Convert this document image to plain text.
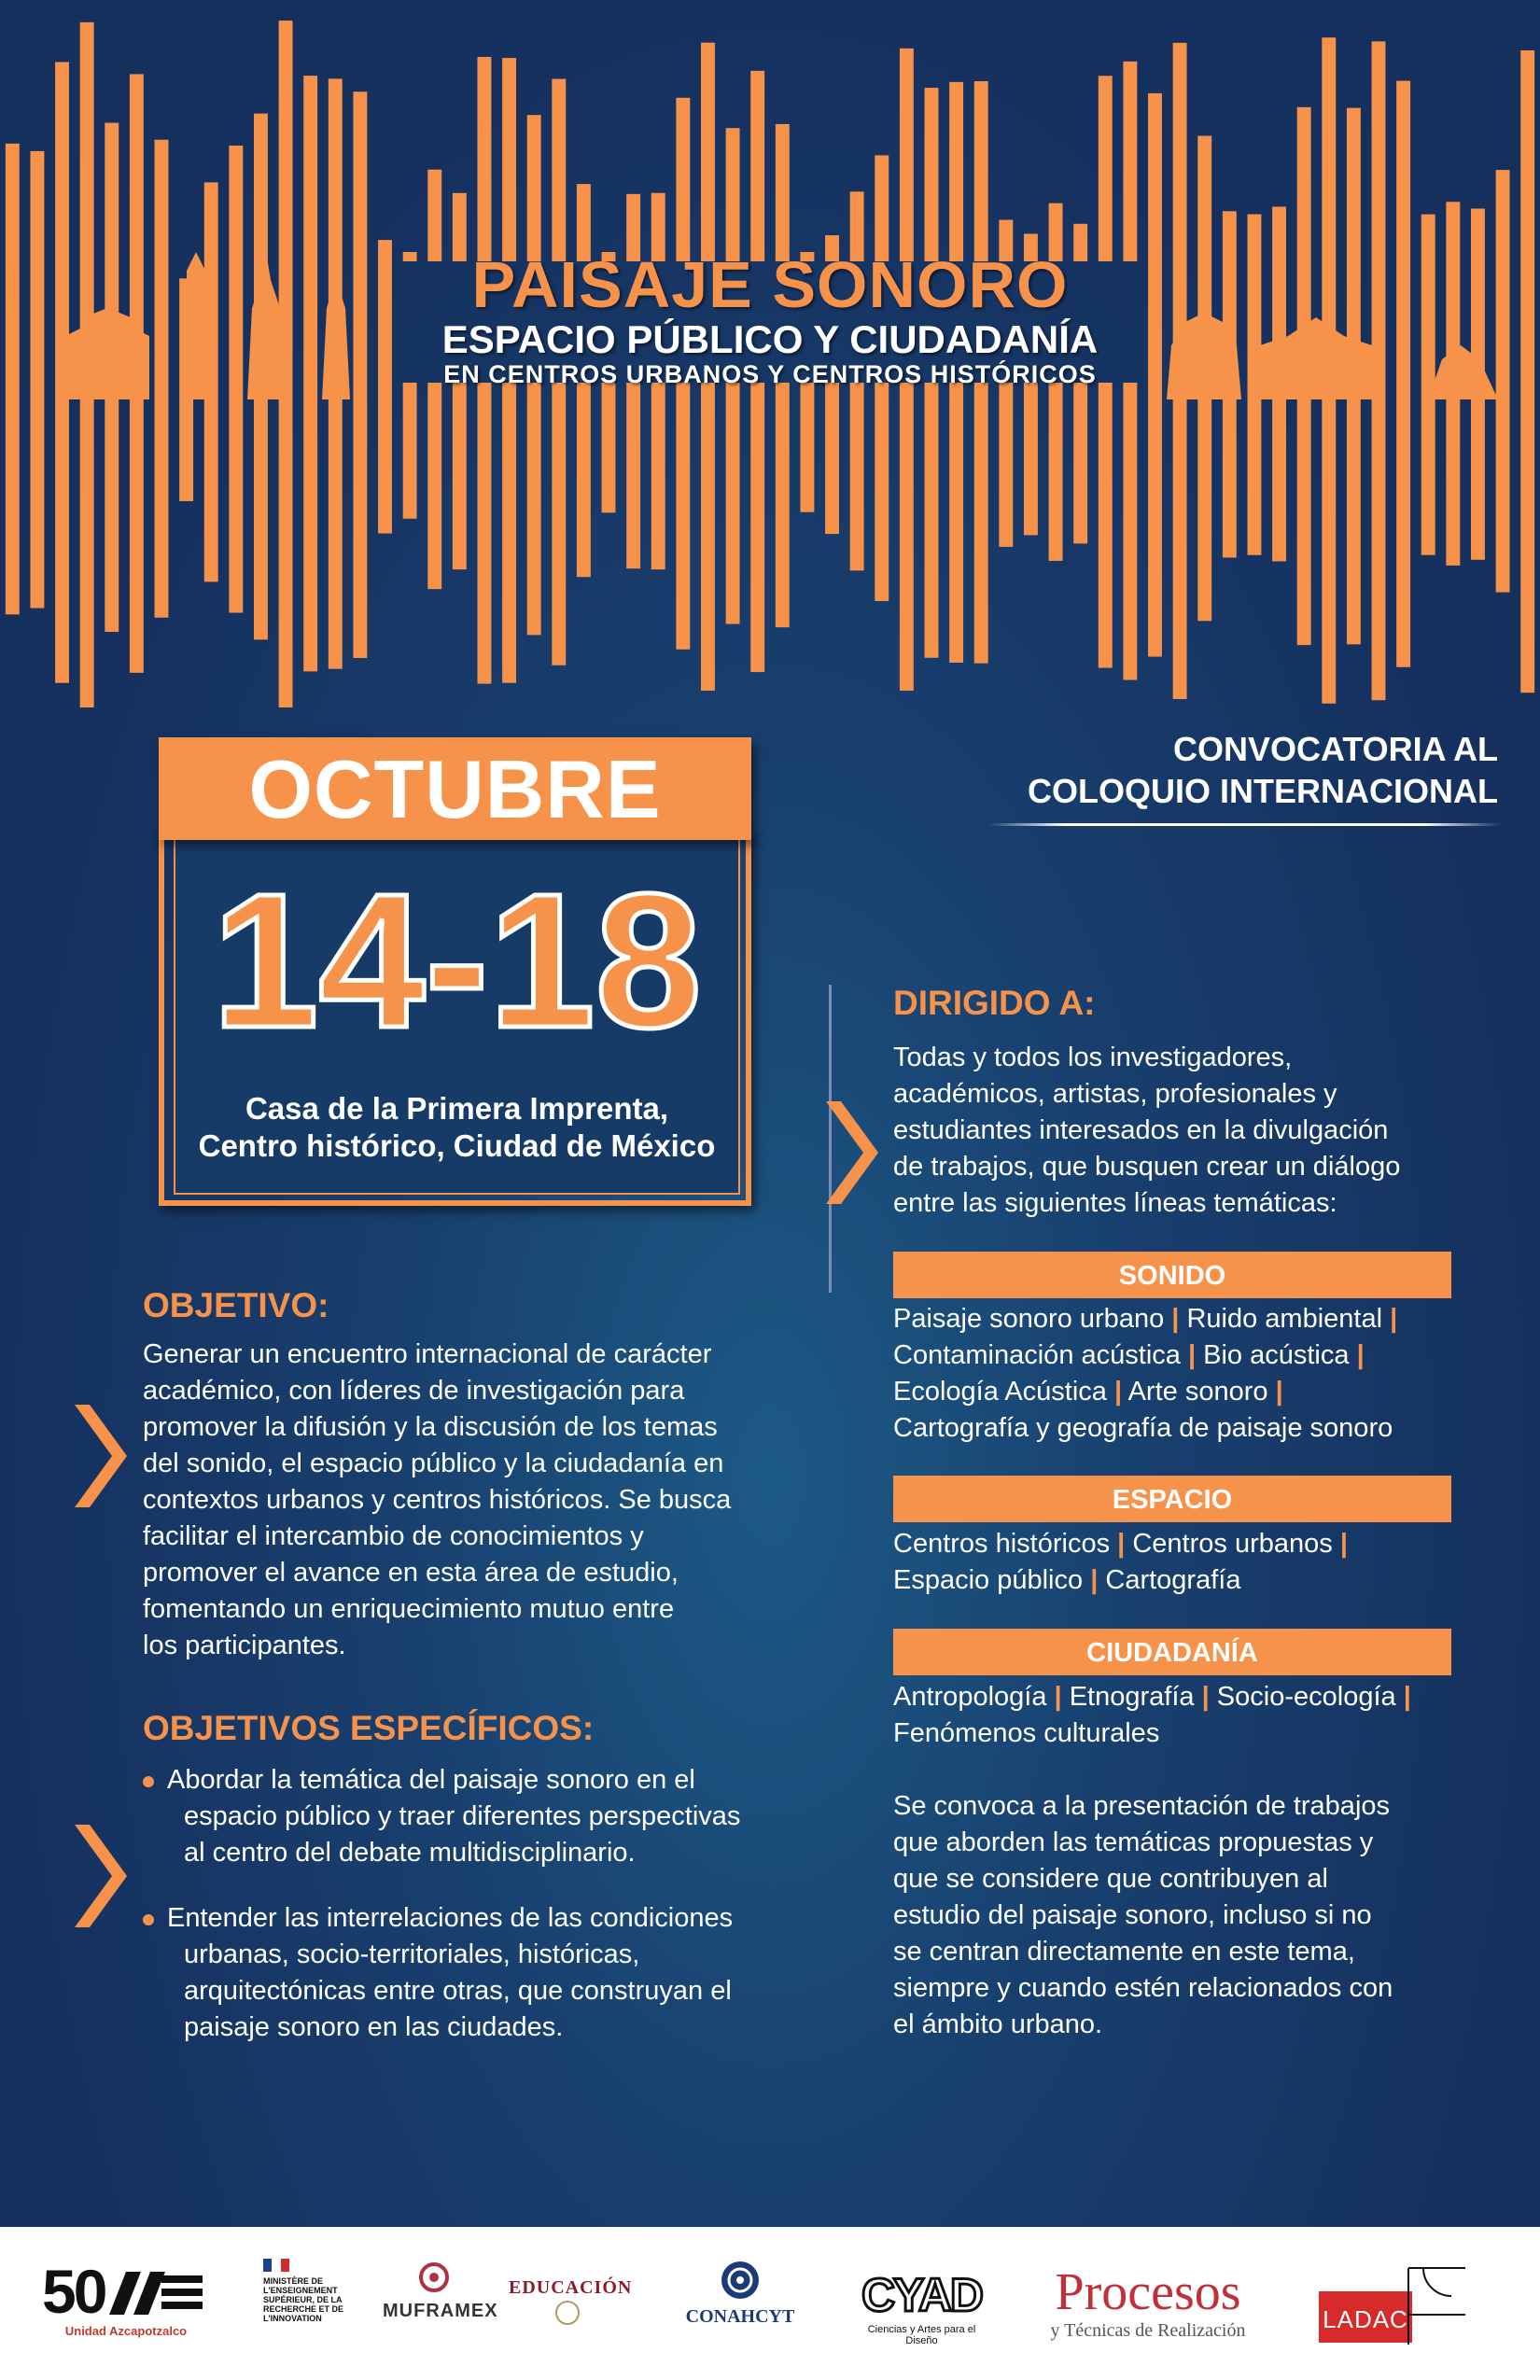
PAISAJE SONORO
ESPACIO PÚBLICO Y CIUDADANÍA
EN CENTROS URBANOS Y CENTROS HISTÓRICOS
14-18
Casa de la Primera Imprenta,
Centro histórico, Ciudad de México
OCTUBRE	CONVOCATORIA AL
COLOQUIO INTERNACIONAL
OBJETIVO:
Generar un encuentro internacional de carácter
académico, con líderes de investigación para
promover la difusión y la discusión de los temas
del sonido, el espacio público y la ciudadanía en
contextos urbanos y centros históricos. Se busca
facilitar el intercambio de conocimientos y
promover el avance en esta área de estudio,
fomentando un enriquecimiento mutuo entre
los participantes.
OBJETIVOS ESPECÍFICOS:
Abordar la temática del paisaje sonoro en el
espacio público y traer diferentes perspectivas
al centro del debate multidisciplinario.
Entender las interrelaciones de las condiciones
urbanas, socio-territoriales, históricas,
arquitectónicas entre otras, que construyan el
paisaje sonoro en las ciudades.
DIRIGIDO A:
Todas y todos los investigadores,
académicos, artistas, profesionales y
estudiantes interesados en la divulgación
de trabajos, que busquen crear un diálogo
entre las siguientes líneas temáticas:
SONIDO
Paisaje sonoro urbano | Ruido ambiental |
Contaminación acústica | Bio acústica |
Ecología Acústica | Arte sonoro |
Cartografía y geografía de paisaje sonoro
ESPACIO
Centros históricos | Centros urbanos |
Espacio público | Cartografía
CIUDADANÍA
Antropología | Etnografía | Socio-ecología |
Fenómenos culturales
Se convoca a la presentación de trabajos
que aborden las temáticas propuestas y
que se considere que contribuyen al
estudio del paisaje sonoro, incluso si no
se centran directamente en este tema,
siempre y cuando estén relacionados con
el ámbito urbano.
50
Unidad Azcapotzalco
MINISTÈRE DE L'ENSEIGNEMENT SUPÉRIEUR, DE LA RECHERCHE ET DE L'INNOVATION	MUFRAMEX
EDUCACIÓN
CONAHCYT CYAD
Ciencias y Artes para el Diseño
Procesos
y Técnicas de Realización	LADAC
